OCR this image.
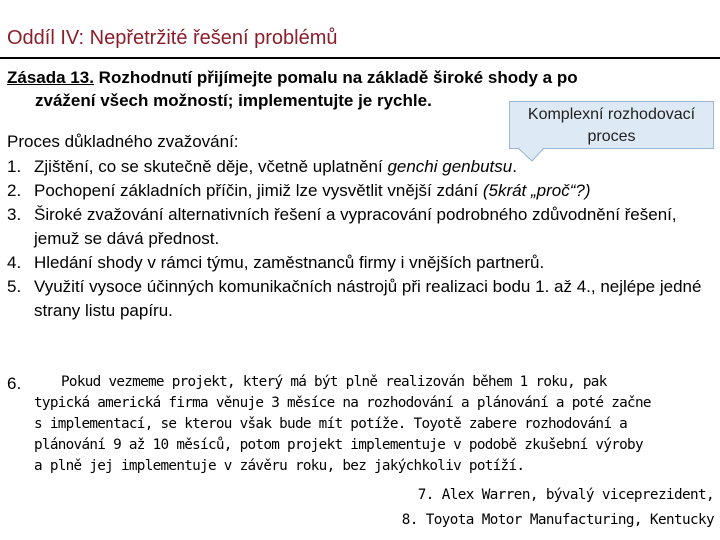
Oddíl IV: Nepřetržité řešení problémů
Zásada 13. Rozhodnutí přijímejte pomalu na základě široké shody a po
zvážení všech možností; implementujte je rychle.
Proces důkladného zvažování:
1. Zjištění, co se skutečně děje, včetně uplatnění genchi genbutsu.
2. Pochopení základních příčin, jimiž lze vysvětlit vnější zdání (5krát „proč“?)
3. Široké zvažování alternativních řešení a vypracování podrobného zdůvodnění řešení, jemuž se dává přednost.
4. Hledání shody v rámci týmu, zaměstnanců firmy i vnějších partnerů.
5. Využití vysoce účinných komunikačních nástrojů při realizaci bodu 1. až 4., nejlépe jedné strany listu papíru.
Komplexní rozhodovací
proces
6.	Pokud vezmeme projekt, který má být plně realizován během 1 roku, pak
typická americká firma věnuje 3 měsíce na rozhodování a plánování a poté začne
s implementací, se kterou však bude mít potíže. Toyotě zabere rozhodování a
plánování 9 až 10 měsíců, potom projekt implementuje v podobě zkušební výroby
a plně jej implementuje v závěru roku, bez jakýchkoliv potíží.
7. Alex Warren, bývalý viceprezident,
8. Toyota Motor Manufacturing, Kentucky
